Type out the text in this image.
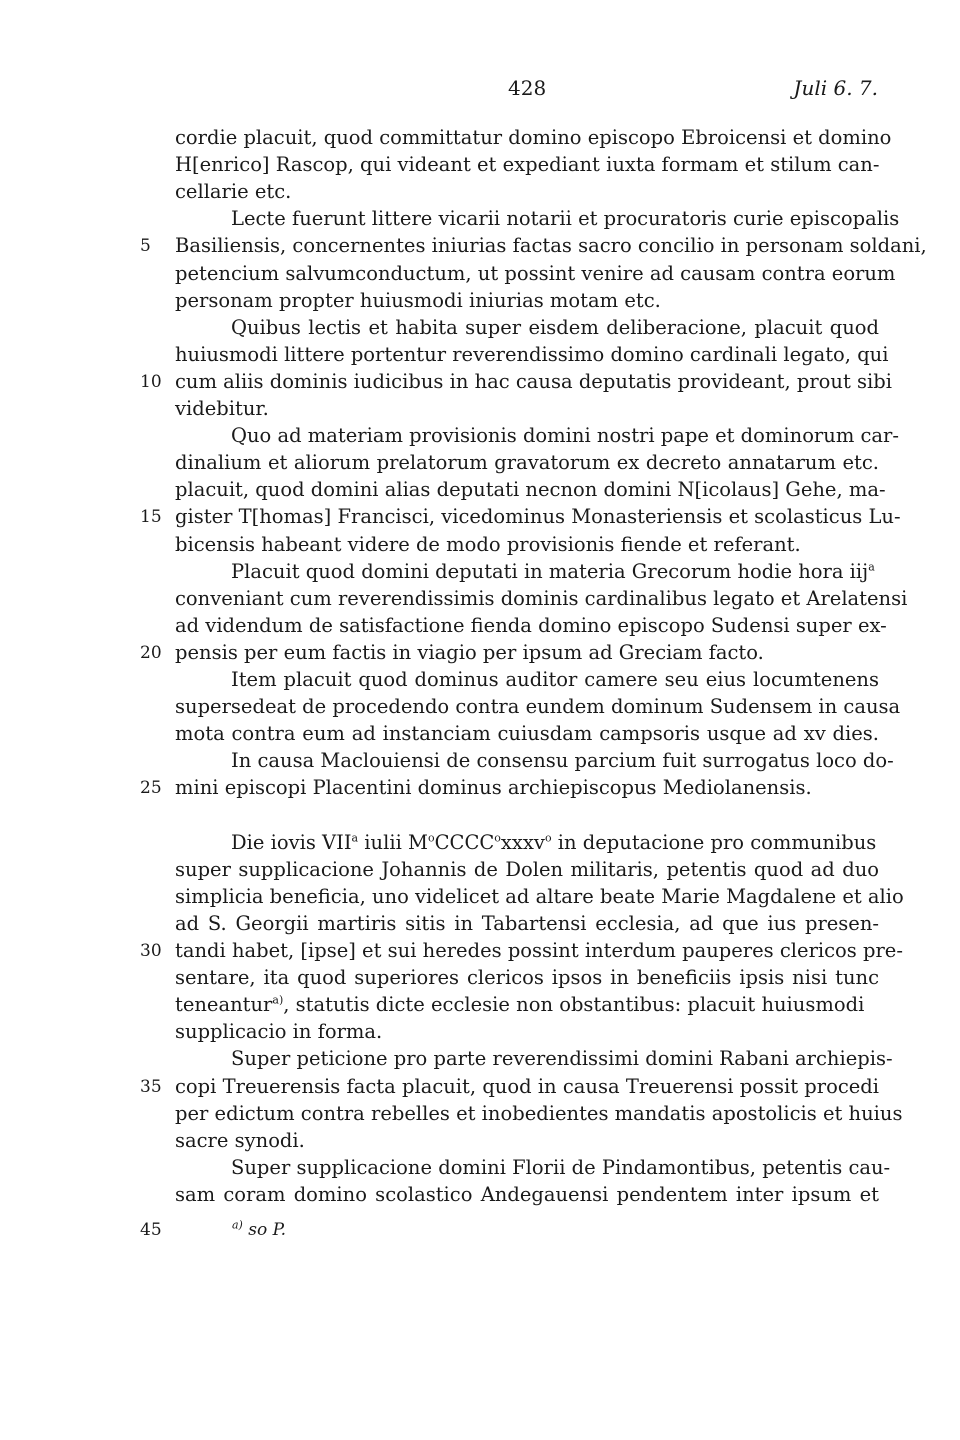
428	Juli 6. 7.
cordie placuit, quod committatur domino episcopo Ebroicensi et domino
H[enrico] Rascop, qui videant et expediant iuxta formam et stilum can-
cellarie etc.
Lecte fuerunt littere vicarii notarii et procuratoris curie episcopalis
Basiliensis, concernentes iniurias factas sacro concilio in personam soldani,
petencium salvumconductum, ut possint venire ad causam contra eorum
personam propter huiusmodi iniurias motam etc.
Quibus lectis et habita super eisdem deliberacione, placuit quod
huiusmodi littere portentur reverendissimo domino cardinali legato, qui
cum aliis dominis iudicibus in hac causa deputatis provideant, prout sibi
videbitur.
Quo ad materiam provisionis domini nostri pape et dominorum car-
dinalium et aliorum prelatorum gravatorum ex decreto annatarum etc.
placuit, quod domini alias deputati necnon domini N[icolaus] Gehe, ma-
gister T[homas] Francisci, vicedominus Monasteriensis et scolasticus Lu-
bicensis habeant videre de modo provisionis fiende et referant.
Placuit quod domini deputati in materia Grecorum hodie hora iij$^a$
conveniant cum reverendissimis dominis cardinalibus legato et Arelatensi
ad videndum de satisfactione fienda domino episcopo Sudensi super ex-
pensis per eum factis in viagio per ipsum ad Greciam facto.
Item placuit quod dominus auditor camere seu eius locumtenens
supersedeat de procedendo contra eundem dominum Sudensem in causa
mota contra eum ad instanciam cuiusdam campsoris usque ad xv dies.
In causa Maclouiensi de consensu parcium fuit surrogatus loco do-
mini episcopi Placentini dominus archiepiscopus Mediolanensis.
Die iovis VII$^a$ iulii $M^oCCCC^oxxxv^o$ in deputacione pro communibus
super supplicacione Johannis de Dolen militaris, petentis quod ad duo
simplicia beneficia, uno videlicet ad altare beate Marie Magdalene et alio
ad S. Georgii martiris sitis in Tabartensi ecclesia, ad que ius presen-
tandi habet, [ipse] et sui heredes possint interdum pauperes clericos pre-
sentare, ita quod superiores clericos ipsos in beneficiis ipsis nisi tunc
teneantur$^{a)}$, statutis dicte ecclesie non obstantibus: placuit huiusmodi
supplicacio in forma.
Super peticione pro parte reverendissimi domini Rabani archiepis-
copi Treuerensis facta placuit, quod in causa Treuerensi possit procedi
per edictum contra rebelles et inobedientes mandatis apostolicis et huius
sacre synodi.
Super supplicacione domini Florii de Pindamontibus, petentis cau-
sam coram domino scolastico Andegauensi pendentem inter ipsum et
5
10
15
20
25
30
35
45	$^{a)}$ so P.
